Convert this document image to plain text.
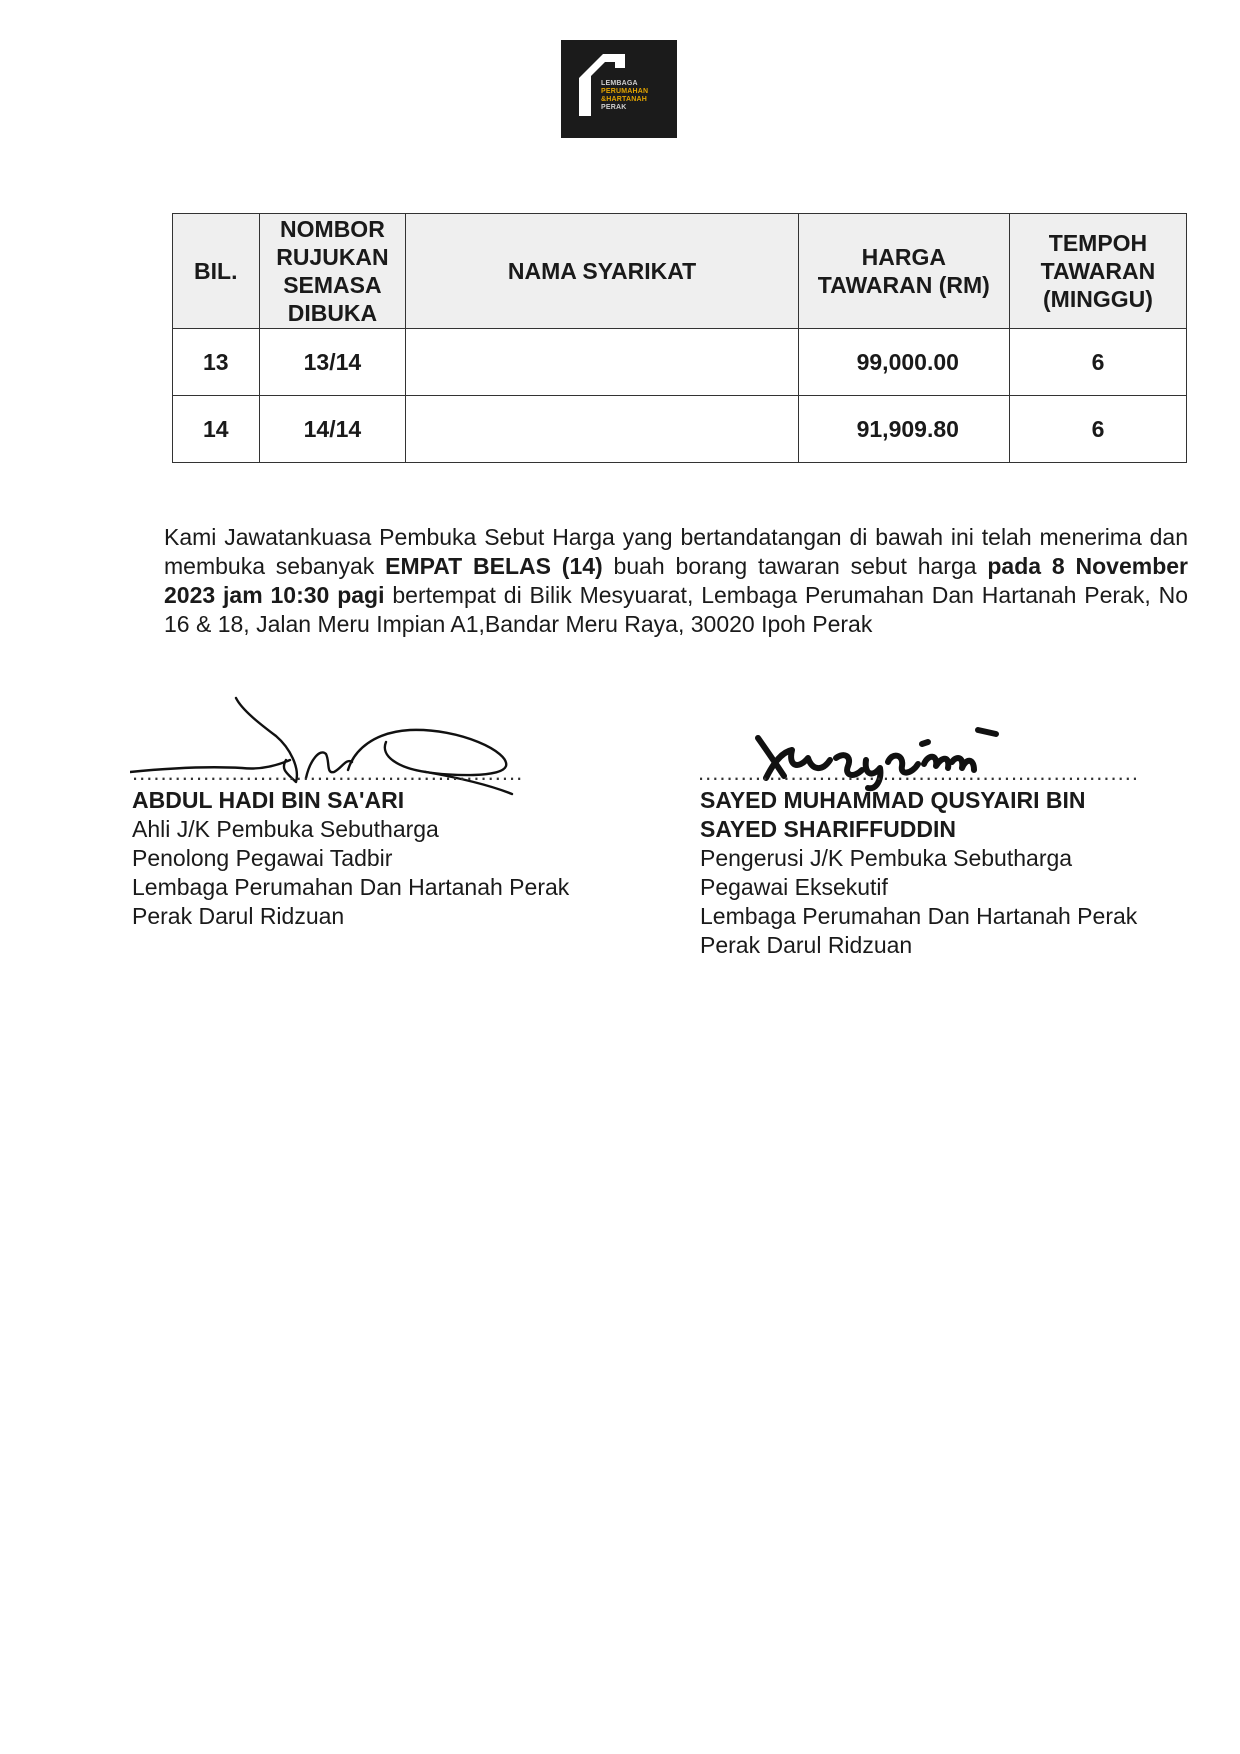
LEMBAGA
PERUMAHAN
&HARTANAH
PERAK
BIL.	NOMBOR RUJUKAN SEMASA DIBUKA	NAMA SYARIKAT	HARGA TAWARAN (RM)	TEMPOH TAWARAN (MINGGU)
13	13/14		99,000.00	6
14	14/14		91,909.80	6
Kami Jawatankuasa Pembuka Sebut Harga yang bertandatangan di bawah ini telah menerima dan membuka sebanyak EMPAT BELAS (14) buah borang tawaran sebut harga pada 8 November 2023 jam 10:30 pagi bertempat di Bilik Mesyuarat, Lembaga Perumahan Dan Hartanah Perak, No 16 & 18, Jalan Meru Impian A1,Bandar Meru Raya, 30020 Ipoh Perak
.......................................................
ABDUL HADI BIN SA'ARI
Ahli J/K Pembuka Sebutharga
Penolong Pegawai Tadbir
Lembaga Perumahan Dan Hartanah Perak
Perak Darul Ridzuan
..............................................................
SAYED MUHAMMAD QUSYAIRI BIN
SAYED SHARIFFUDDIN
Pengerusi J/K Pembuka Sebutharga
Pegawai Eksekutif
Lembaga Perumahan Dan Hartanah Perak
Perak Darul Ridzuan
